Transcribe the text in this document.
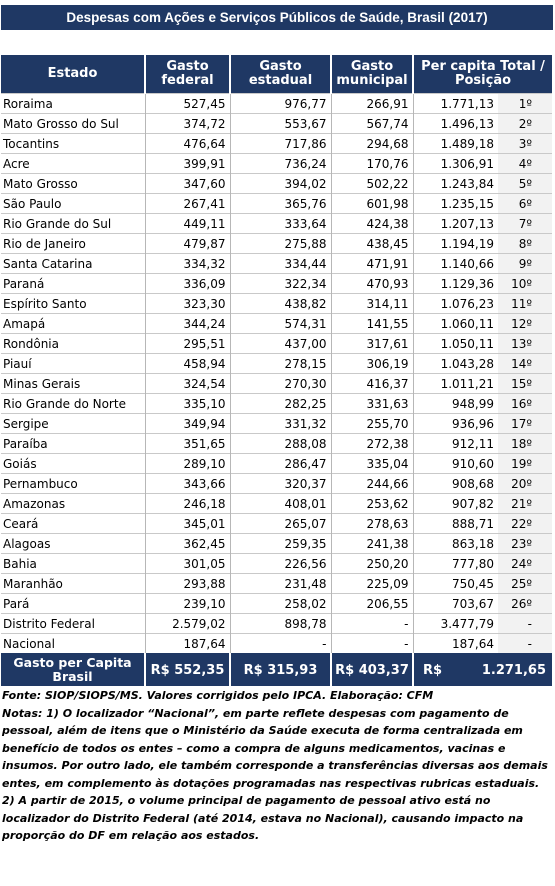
Despesas com Ações e Serviços Públicos de Saúde, Brasil (2017)
Estado	Gasto federal	Gasto estadual	Gasto municipal	Per capita Total / Posição	
Roraima	527,45	976,77	266,91	1.771,13	1º
Mato Grosso do Sul	374,72	553,67	567,74	1.496,13	2º
Tocantins	476,64	717,86	294,68	1.489,18	3º
Acre	399,91	736,24	170,76	1.306,91	4º
Mato Grosso	347,60	394,02	502,22	1.243,84	5º
São Paulo	267,41	365,76	601,98	1.235,15	6º
Rio Grande do Sul	449,11	333,64	424,38	1.207,13	7º
Rio de Janeiro	479,87	275,88	438,45	1.194,19	8º
Santa Catarina	334,32	334,44	471,91	1.140,66	9º
Paraná	336,09	322,34	470,93	1.129,36	10º
Espírito Santo	323,30	438,82	314,11	1.076,23	11º
Amapá	344,24	574,31	141,55	1.060,11	12º
Rondônia	295,51	437,00	317,61	1.050,11	13º
Piauí	458,94	278,15	306,19	1.043,28	14º
Minas Gerais	324,54	270,30	416,37	1.011,21	15º
Rio Grande do Norte	335,10	282,25	331,63	948,99	16º
Sergipe	349,94	331,32	255,70	936,96	17º
Paraíba	351,65	288,08	272,38	912,11	18º
Goiás	289,10	286,47	335,04	910,60	19º
Pernambuco	343,66	320,37	244,66	908,68	20º
Amazonas	246,18	408,01	253,62	907,82	21º
Ceará	345,01	265,07	278,63	888,71	22º
Alagoas	362,45	259,35	241,38	863,18	23º
Bahia	301,05	226,56	250,20	777,80	24º
Maranhão	293,88	231,48	225,09	750,45	25º
Pará	239,10	258,02	206,55	703,67	26º
Distrito Federal	2.579,02	898,78	-	3.477,79	-
Nacional	187,64	-	-	187,64	-
Gasto per Capita Brasil	R$ 552,35	R$ 315,93	R$ 403,37	R$ 1.271,65	

Fonte: SIOP/SIOPS/MS. Valores corrigidos pelo IPCA. Elaboração: CFM

Notas: 1) O localizador “Nacional”, em parte reflete despesas com pagamento de pessoal, além de itens que o Ministério da Saúde executa de forma centralizada em benefício de todos os entes – como a compra de alguns medicamentos, vacinas e insumos. Por outro lado, ele também corresponde a transferências diversas aos demais entes, em complemento às dotações programadas nas respectivas rubricas estaduais. 2) A partir de 2015, o volume principal de pagamento de pessoal ativo está no localizador do Distrito Federal (até 2014, estava no Nacional), causando impacto na proporção do DF em relação aos estados.
